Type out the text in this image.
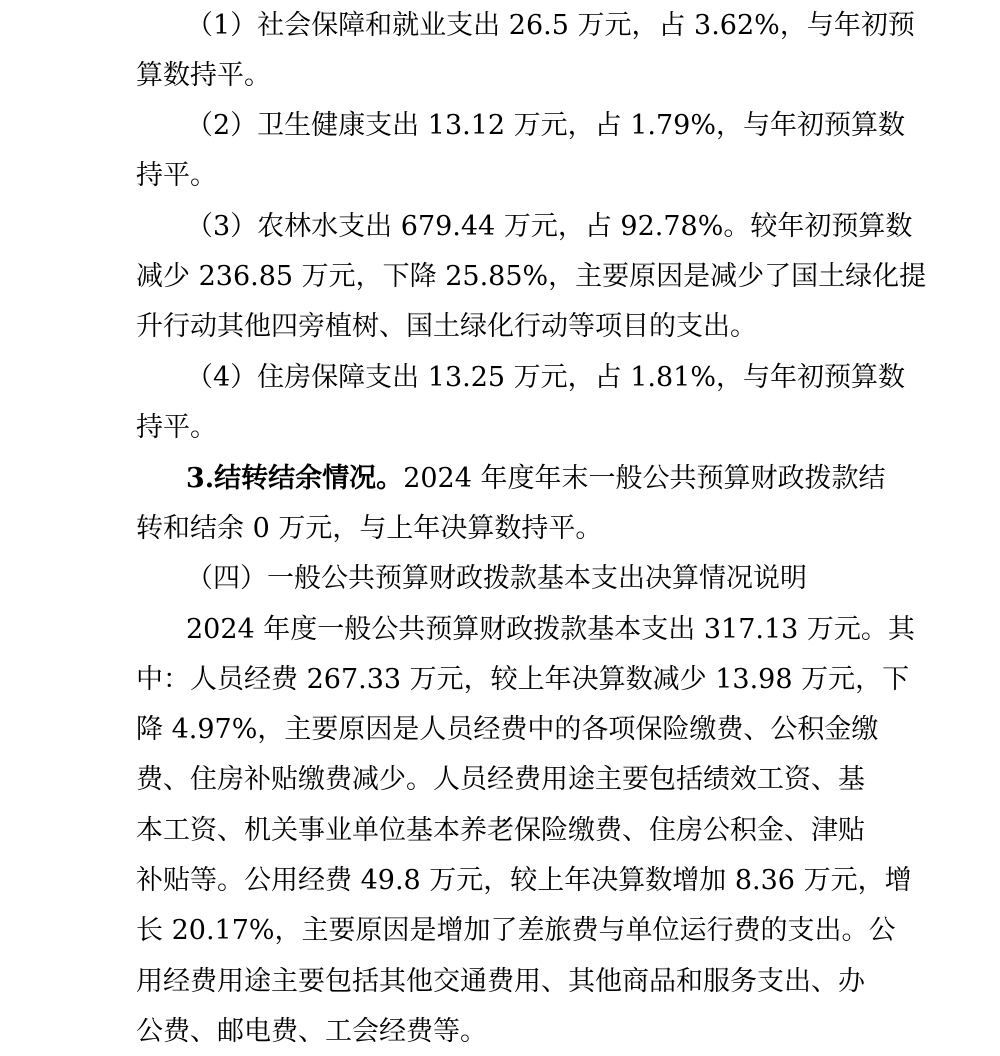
（1）社会保障和就业支出 26.5 万元，占 3.62%，与年初预
算数持平。
（2）卫生健康支出 13.12 万元，占 1.79%，与年初预算数
持平。
（3）农林水支出 679.44 万元，占 92.78%。较年初预算数
减少 236.85 万元，下降 25.85%，主要原因是减少了国土绿化提
升行动其他四旁植树、国土绿化行动等项目的支出。
（4）住房保障支出 13.25 万元，占 1.81%，与年初预算数
持平。
3.结转结余情况。2024 年度年末一般公共预算财政拨款结
转和结余 0 万元，与上年决算数持平。
（四）一般公共预算财政拨款基本支出决算情况说明
2024 年度一般公共预算财政拨款基本支出 317.13 万元。其
中：人员经费 267.33 万元，较上年决算数减少 13.98 万元，下
降 4.97%，主要原因是人员经费中的各项保险缴费、公积金缴
费、住房补贴缴费减少。人员经费用途主要包括绩效工资、基
本工资、机关事业单位基本养老保险缴费、住房公积金、津贴
补贴等。公用经费 49.8 万元，较上年决算数增加 8.36 万元，增
长 20.17%，主要原因是增加了差旅费与单位运行费的支出。公
用经费用途主要包括其他交通费用、其他商品和服务支出、办
公费、邮电费、工会经费等。
